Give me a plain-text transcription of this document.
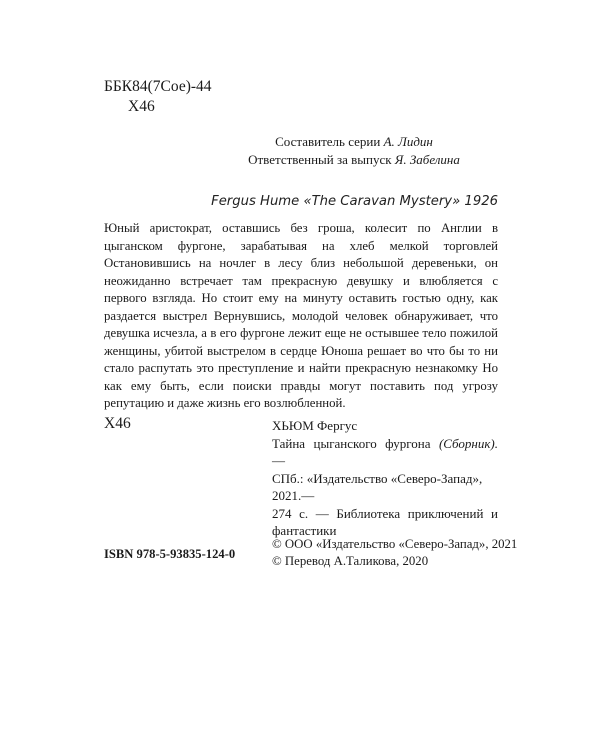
ББК84(7Сое)-44
Х46
Составитель серии А. Лидин
Ответственный за выпуск Я. Забелина
Fergus Hume «The Caravan Mystery» 1926

Юный аристократ, оставшись без гроша, колесит по Англии в цыганском фургоне, зарабатывая на хлеб мелкой торговлей Остановившись на ночлег в лесу близ небольшой деревеньки, он неожиданно встречает там прекрасную девушку и влюбляется с первого взгляда. Но стоит ему на минуту оставить гостью одну, как раздается выстрел Вернувшись, молодой человек обнаруживает, что девушка исчезла, а в его фургоне лежит еще не остывшее тело пожилой женщины, убитой выстрелом в сердце Юноша решает во что бы то ни стало распутать это преступление и найти прекрасную незнакомку Но как ему быть, если поиски правды могут поставить под угрозу репутацию и даже жизнь его возлюбленной.

Х46	ХЬЮМ Фергус
Тайна цыганского фургона (Сборник). —
СПб.: «Издательство «Северо-Запад», 2021.—
274 с. — Библиотека приключений и фантастики
ISBN 978-5-93835-124-0
© ООО «Издательство «Северо-Запад», 2021
© Перевод А.Таликова, 2020
